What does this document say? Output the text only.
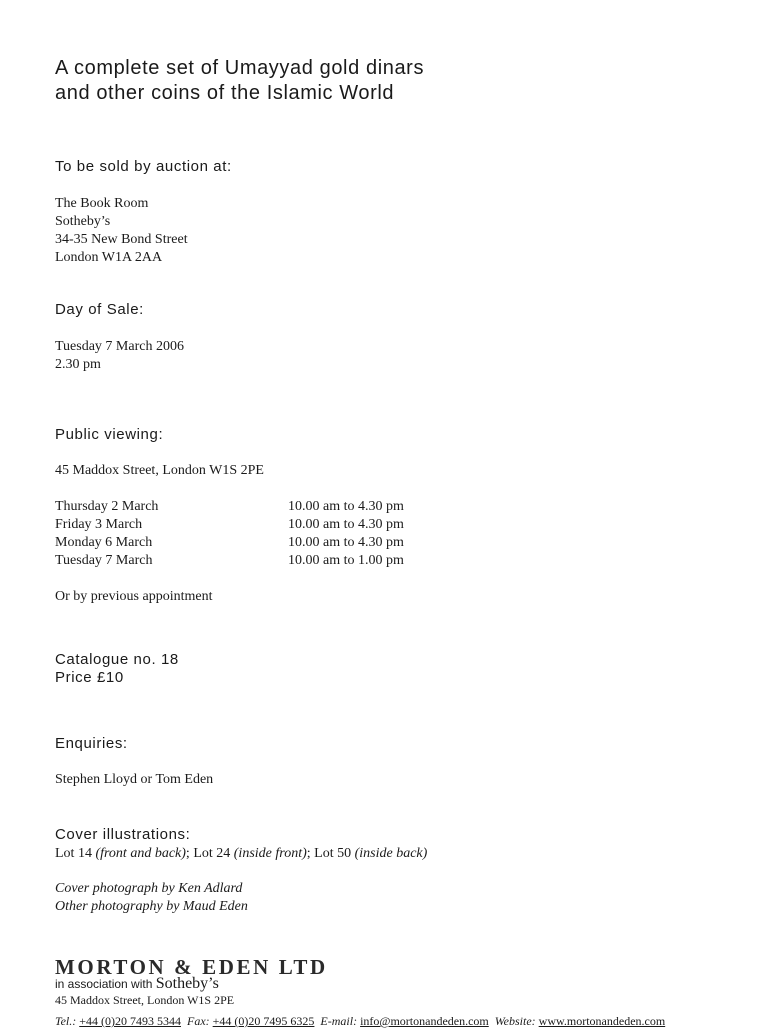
A complete set of Umayyad gold dinars
and other coins of the Islamic World
To be sold by auction at:
The Book Room
Sotheby’s
34-35 New Bond Street
London W1A 2AA
Day of Sale:
Tuesday 7 March 2006
2.30 pm
Public viewing:
45 Maddox Street, London W1S 2PE
Thursday 2 March	10.00 am to 4.30 pm
Friday 3 March	10.00 am to 4.30 pm
Monday 6 March	10.00 am to 4.30 pm
Tuesday 7 March	10.00 am to 1.00 pm
Or by previous appointment
Catalogue no. 18
Price £10
Enquiries:
Stephen Lloyd or Tom Eden
Cover illustrations:
Lot 14 (front and back); Lot 24 (inside front); Lot 50 (inside back)
Cover photograph by Ken Adlard
Other photography by Maud Eden
MORTON & EDEN LTD
in association with Sotheby’s
45 Maddox Street, London W1S 2PE
Tel.: +44 (0)20 7493 5344 Fax: +44 (0)20 7495 6325 E-mail: info@mortonandeden.com Website: www.mortonandeden.com
